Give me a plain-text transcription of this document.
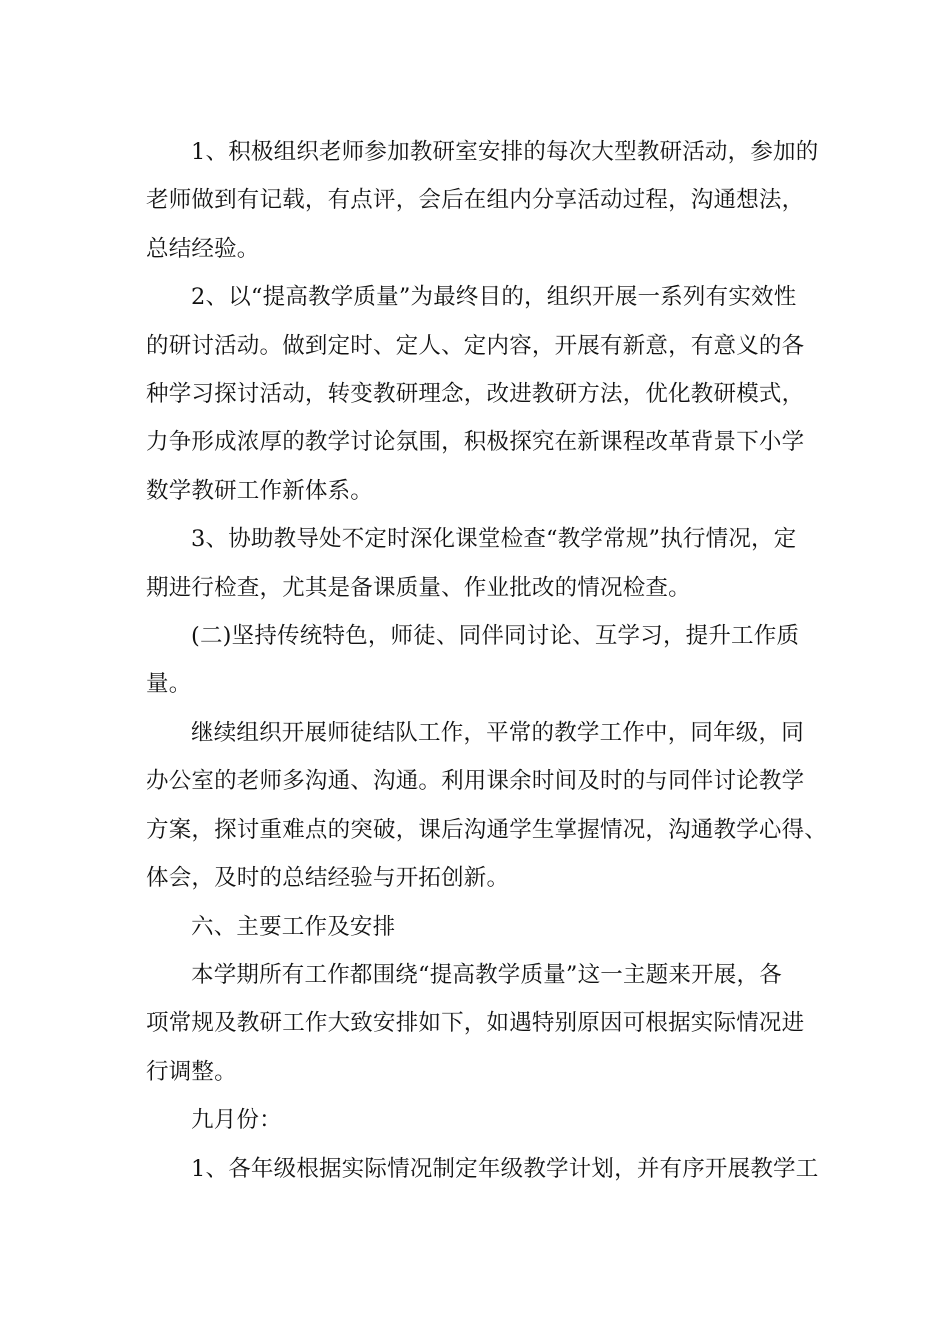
1、积极组织老师参加教研室安排的每次大型教研活动，参加的
老师做到有记载，有点评，会后在组内分享活动过程，沟通想法，
总结经验。

2、以“提高教学质量”为最终目的，组织开展一系列有实效性
的研讨活动。做到定时、定人、定内容，开展有新意，有意义的各
种学习探讨活动，转变教研理念，改进教研方法，优化教研模式，
力争形成浓厚的教学讨论氛围，积极探究在新课程改革背景下小学
数学教研工作新体系。

3、协助教导处不定时深化课堂检查“教学常规”执行情况，定
期进行检查，尤其是备课质量、作业批改的情况检查。

(二)坚持传统特色，师徒、同伴同讨论、互学习，提升工作质
量。

继续组织开展师徒结队工作，平常的教学工作中，同年级，同
办公室的老师多沟通、沟通。利用课余时间及时的与同伴讨论教学
方案，探讨重难点的突破，课后沟通学生掌握情况，沟通教学心得、
体会，及时的总结经验与开拓创新。

六、主要工作及安排

本学期所有工作都围绕“提高教学质量”这一主题来开展，各
项常规及教研工作大致安排如下，如遇特别原因可根据实际情况进
行调整。

九月份：

1、各年级根据实际情况制定年级教学计划，并有序开展教学工
